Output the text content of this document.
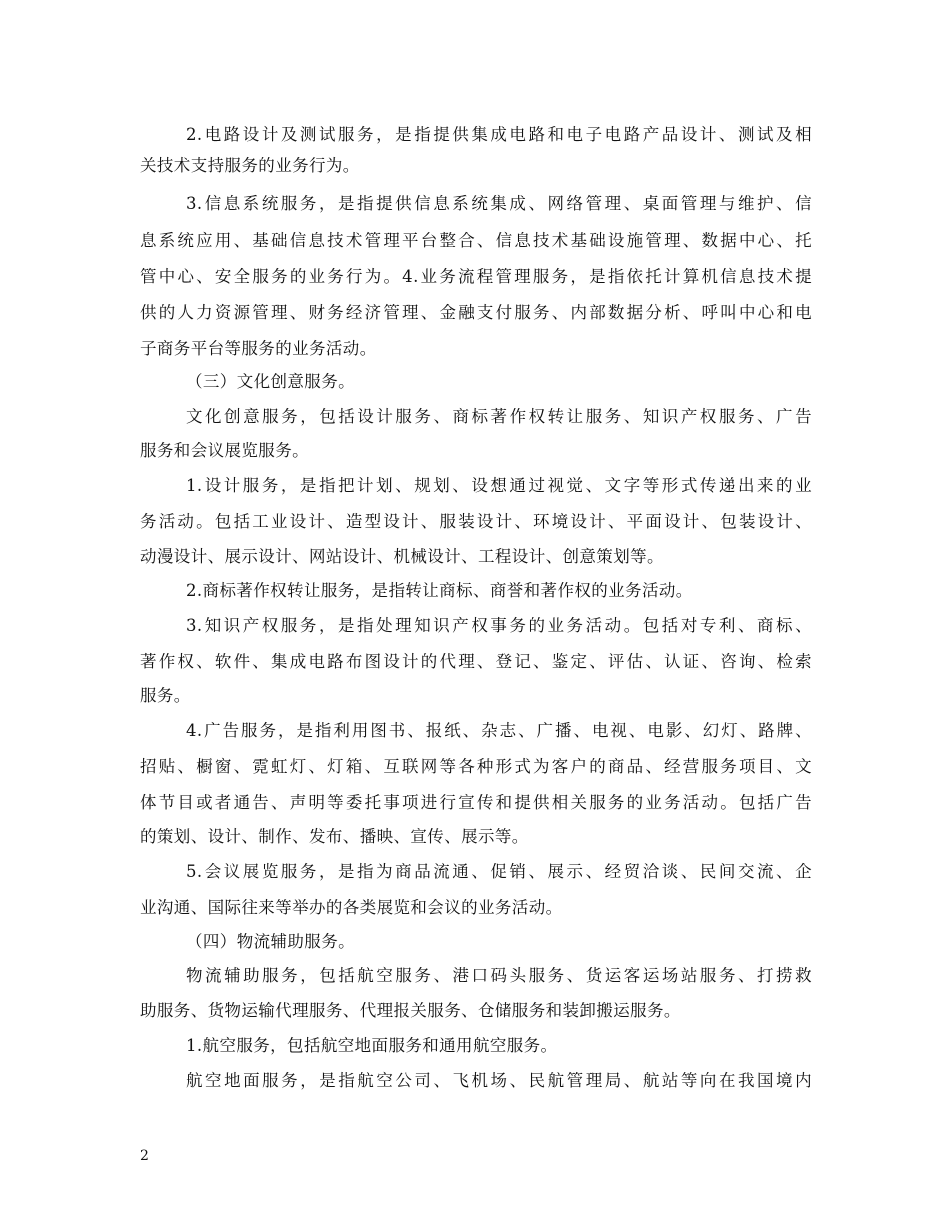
2.电路设计及测试服务，是指提供集成电路和电子电路产品设计、测试及相
关技术支持服务的业务行为。
3.信息系统服务，是指提供信息系统集成、网络管理、桌面管理与维护、信
息系统应用、基础信息技术管理平台整合、信息技术基础设施管理、数据中心、托
管中心、安全服务的业务行为。4.业务流程管理服务，是指依托计算机信息技术提
供的人力资源管理、财务经济管理、金融支付服务、内部数据分析、呼叫中心和电
子商务平台等服务的业务活动。
（三）文化创意服务。
文化创意服务，包括设计服务、商标著作权转让服务、知识产权服务、广告
服务和会议展览服务。
1.设计服务，是指把计划、规划、设想通过视觉、文字等形式传递出来的业
务活动。包括工业设计、造型设计、服装设计、环境设计、平面设计、包装设计、
动漫设计、展示设计、网站设计、机械设计、工程设计、创意策划等。
2.商标著作权转让服务，是指转让商标、商誉和著作权的业务活动。
3.知识产权服务，是指处理知识产权事务的业务活动。包括对专利、商标、
著作权、软件、集成电路布图设计的代理、登记、鉴定、评估、认证、咨询、检索
服务。
4.广告服务，是指利用图书、报纸、杂志、广播、电视、电影、幻灯、路牌、
招贴、橱窗、霓虹灯、灯箱、互联网等各种形式为客户的商品、经营服务项目、文
体节目或者通告、声明等委托事项进行宣传和提供相关服务的业务活动。包括广告
的策划、设计、制作、发布、播映、宣传、展示等。
5.会议展览服务，是指为商品流通、促销、展示、经贸洽谈、民间交流、企
业沟通、国际往来等举办的各类展览和会议的业务活动。
（四）物流辅助服务。
物流辅助服务，包括航空服务、港口码头服务、货运客运场站服务、打捞救
助服务、货物运输代理服务、代理报关服务、仓储服务和装卸搬运服务。
1.航空服务，包括航空地面服务和通用航空服务。
航空地面服务，是指航空公司、飞机场、民航管理局、航站等向在我国境内
2
